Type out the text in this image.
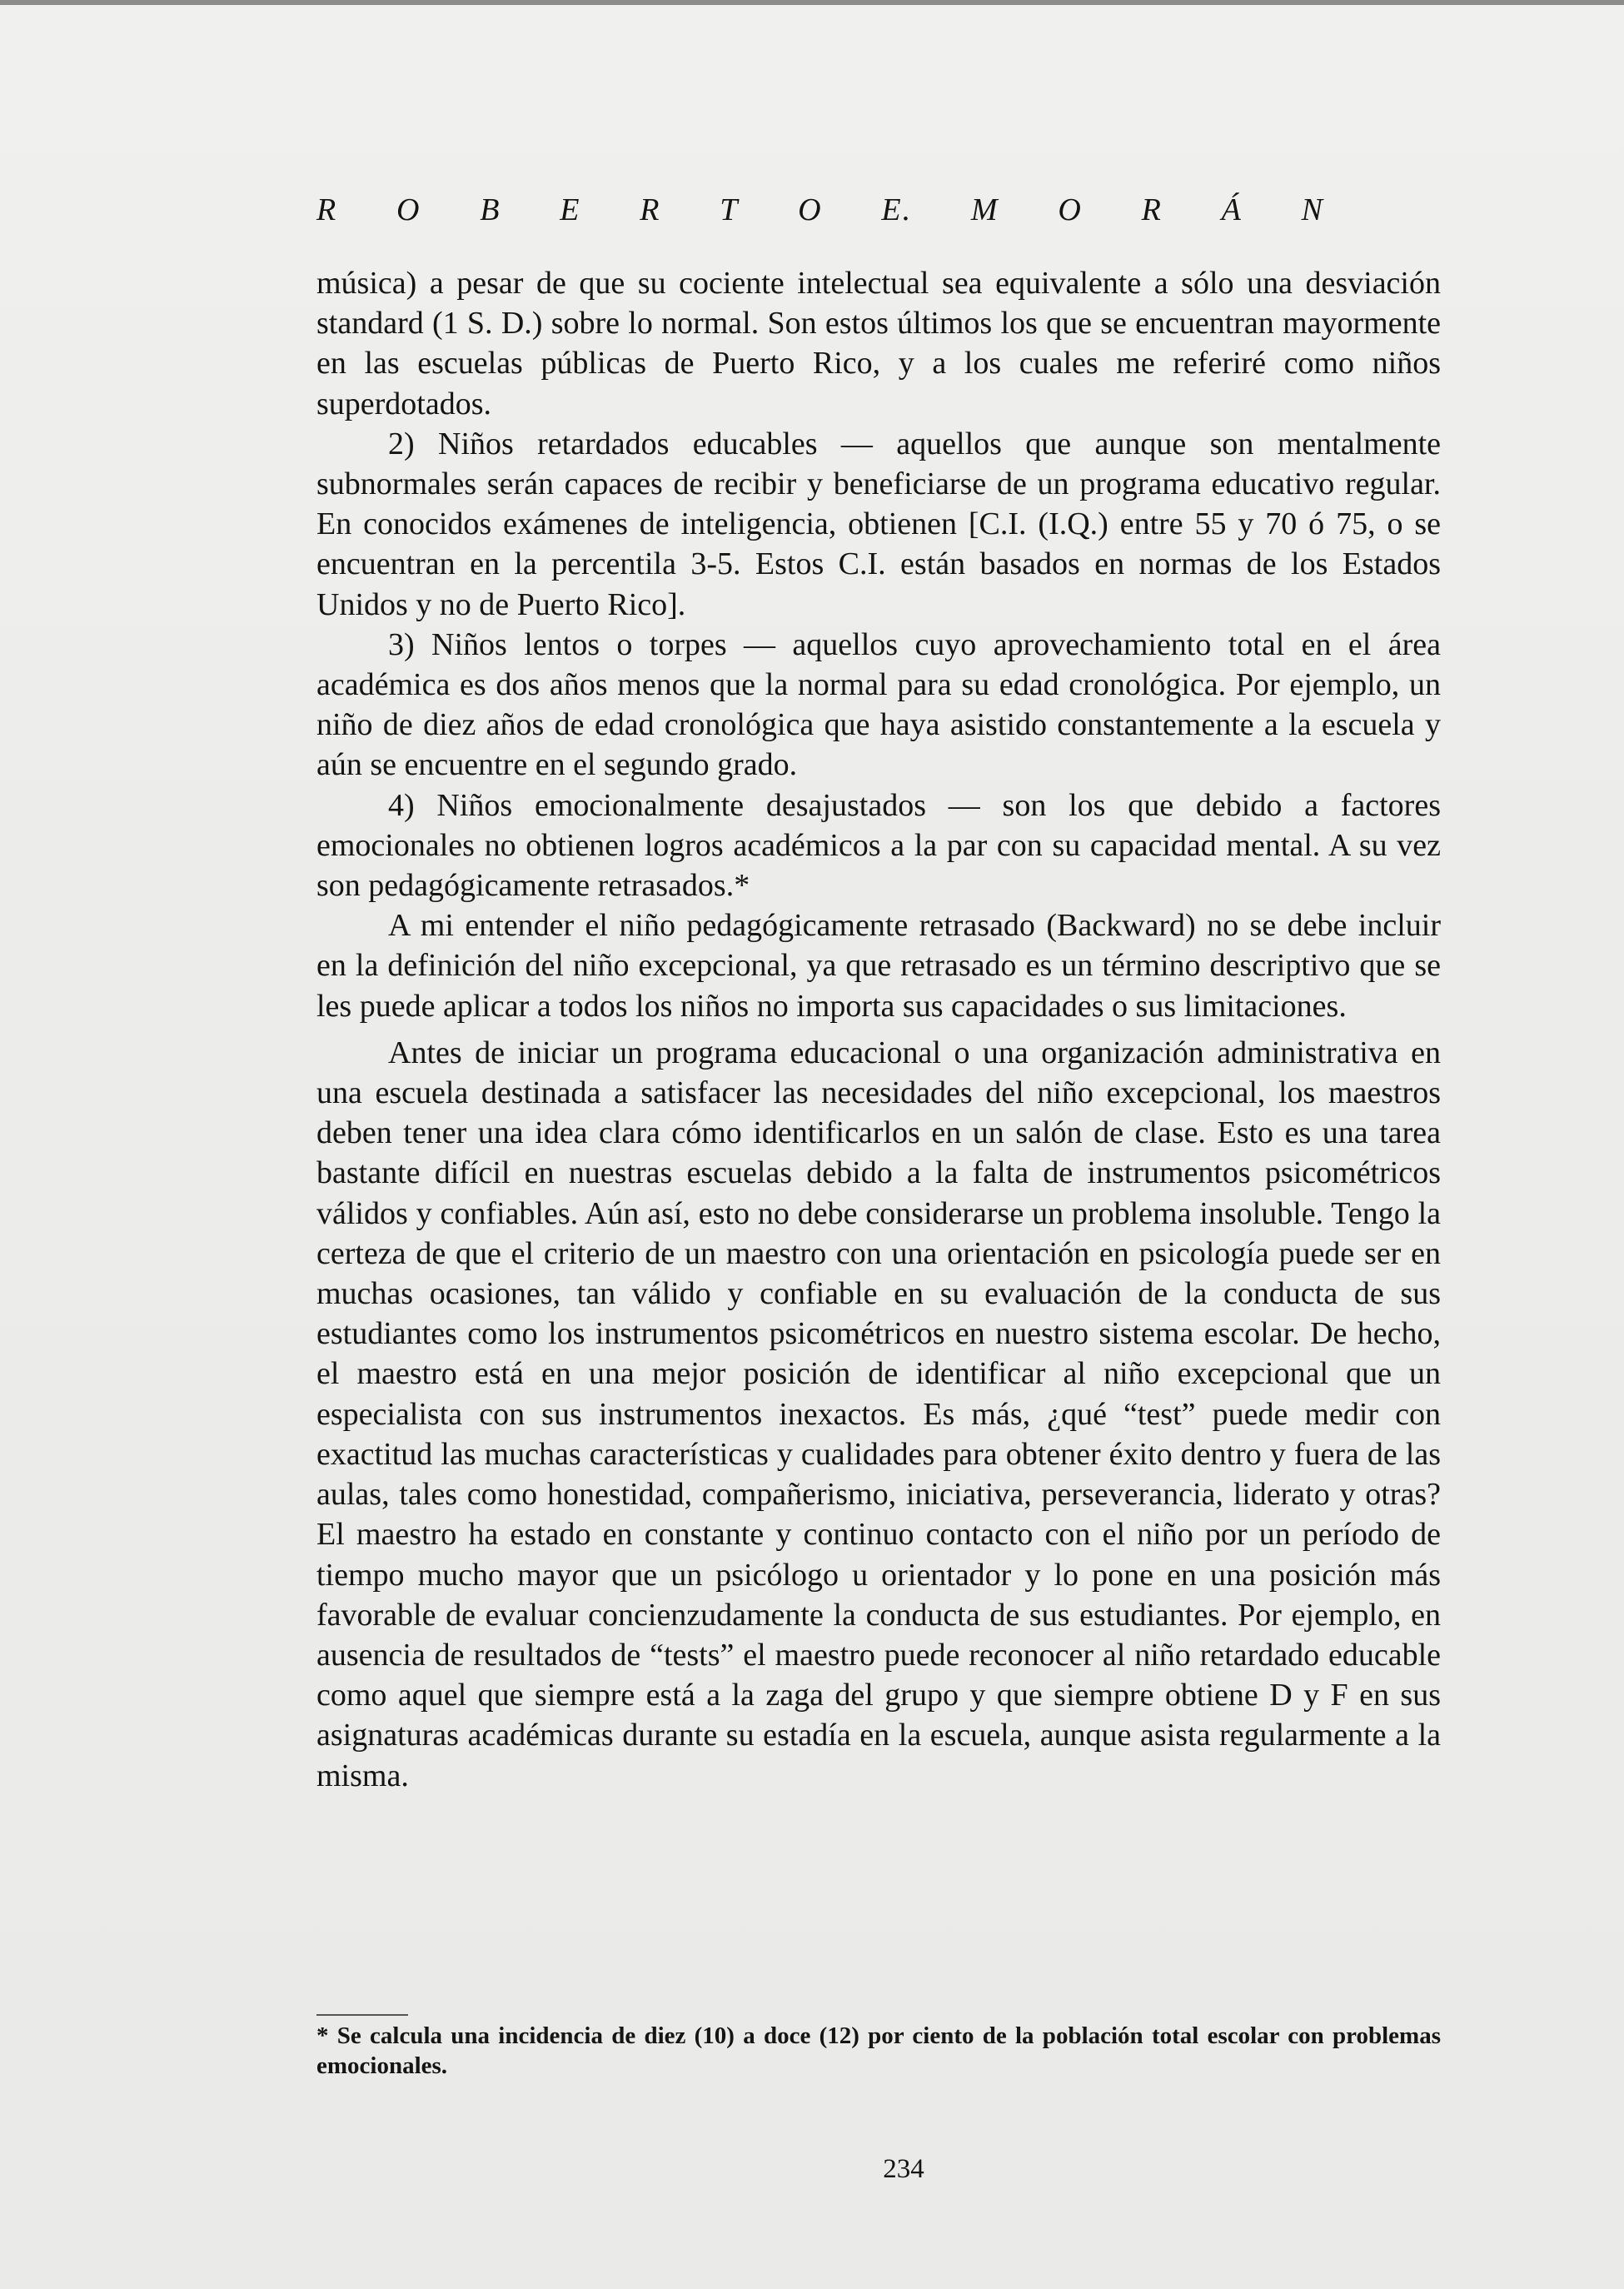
R O B E R T O E. M O R Á N

música) a pesar de que su cociente intelectual sea equivalente a sólo una desviación standard (1 S. D.) sobre lo normal. Son estos últimos los que se encuentran mayormente en las escuelas públicas de Puerto Rico, y a los cuales me referiré como niños superdotados.

2) Niños retardados educables — aquellos que aunque son mentalmente subnormales serán capaces de recibir y beneficiarse de un programa educativo regular. En conocidos exámenes de inteligencia, obtienen [C.I. (I.Q.) entre 55 y 70 ó 75, o se encuentran en la percentila 3-5. Estos C.I. están basados en normas de los Estados Unidos y no de Puerto Rico].

3) Niños lentos o torpes — aquellos cuyo aprovechamiento total en el área académica es dos años menos que la normal para su edad cronológica. Por ejemplo, un niño de diez años de edad cronológica que haya asistido constantemente a la escuela y aún se encuentre en el segundo grado.

4) Niños emocionalmente desajustados — son los que debido a factores emocionales no obtienen logros académicos a la par con su capacidad mental. A su vez son pedagógicamente retrasados.*

A mi entender el niño pedagógicamente retrasado (Backward) no se debe incluir en la definición del niño excepcional, ya que retrasado es un término descriptivo que se les puede aplicar a todos los niños no importa sus capacidades o sus limitaciones.

Antes de iniciar un programa educacional o una organización administrativa en una escuela destinada a satisfacer las necesidades del niño excepcional, los maestros deben tener una idea clara cómo identificarlos en un salón de clase. Esto es una tarea bastante difícil en nuestras escuelas debido a la falta de instrumentos psicométricos válidos y confiables. Aún así, esto no debe considerarse un problema insoluble. Tengo la certeza de que el criterio de un maestro con una orientación en psicología puede ser en muchas ocasiones, tan válido y confiable en su evaluación de la conducta de sus estudiantes como los instrumentos psicométricos en nuestro sistema escolar. De hecho, el maestro está en una mejor posición de identificar al niño excepcional que un especialista con sus instrumentos inexactos. Es más, ¿qué “test” puede medir con exactitud las muchas características y cualidades para obtener éxito dentro y fuera de las aulas, tales como honestidad, compañerismo, iniciativa, perseverancia, liderato y otras? El maestro ha estado en constante y continuo contacto con el niño por un período de tiempo mucho mayor que un psicólogo u orientador y lo pone en una posición más favorable de evaluar concienzudamente la conducta de sus estudiantes. Por ejemplo, en ausencia de resultados de “tests” el maestro puede reconocer al niño retardado educable como aquel que siempre está a la zaga del grupo y que siempre obtiene D y F en sus asignaturas académicas durante su estadía en la escuela, aunque asista regularmente a la misma.

* Se calcula una incidencia de diez (10) a doce (12) por ciento de la población total escolar con problemas emocionales.

234
